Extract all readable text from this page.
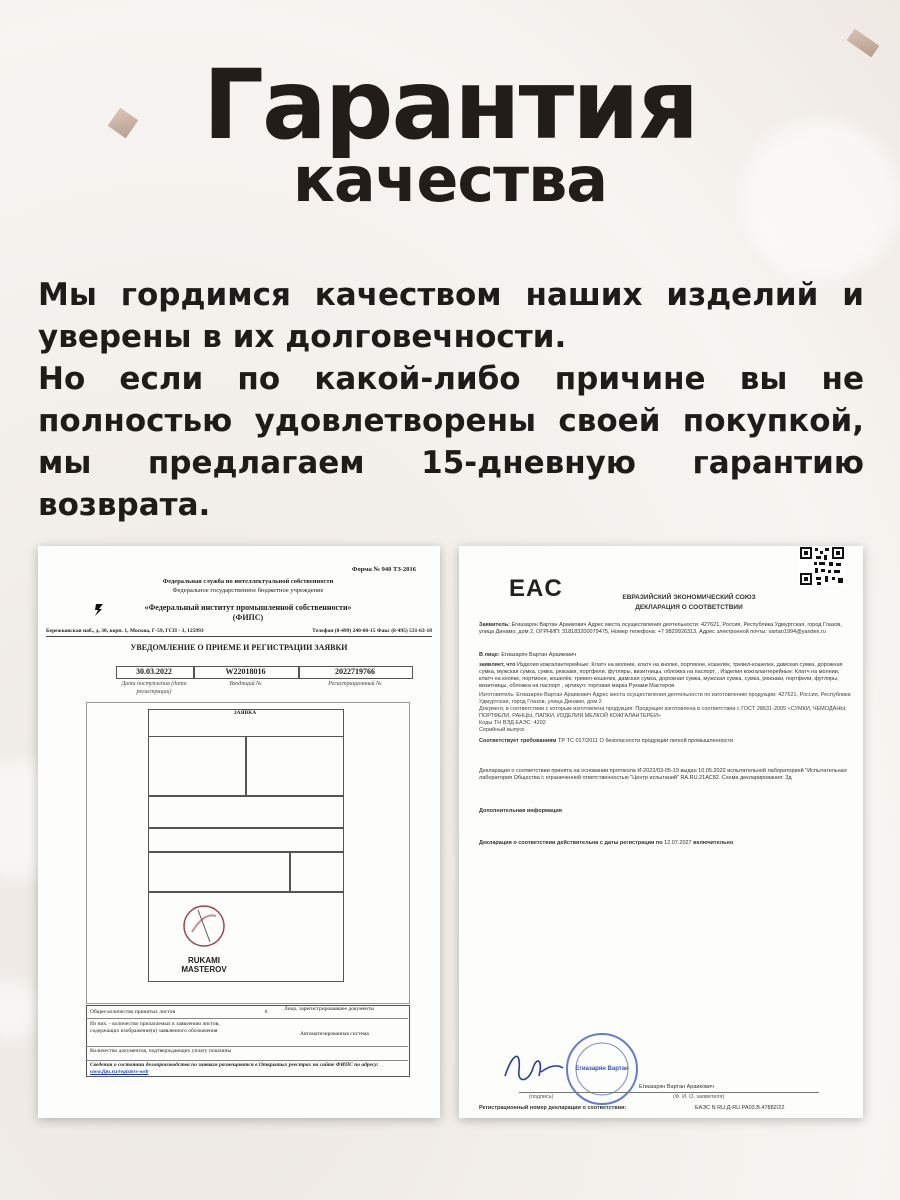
Гарантия
качества
Мы гордимся качеством наших изделий и уверены в их долговечности.
Но если по какой-либо причине вы не полностью удовлетворены своей покупкой, мы предлагаем 15-дневную гарантию возврата.
Форма № 940 ТЗ-2016
Федеральная служба по интеллектуальной собственности
Федеральное государственное бюджетное учреждение
«Федеральный институт промышленной собственности»
(ФИПС)
Бережковская наб., д. 30, корп. 1, Москва, Г-59, ГСП - 3, 125993	Телефон (8-499) 240-60-15 Факс (8-495) 531-63-18
УВЕДОМЛЕНИЕ О ПРИЕМЕ И РЕГИСТРАЦИИ ЗАЯВКИ
30.03.2022	W22018016	2022719766
Дата поступления (дата регистрации)
Входящий №	Регистрационный №
ЗАЯВКА
RUKAMI
MASTEROV
Общее количество принятых листов	6	Лицо, зарегистрировавшее документы
Из них: - количество прилагаемых к заявлению листов, содержащих изображение(я) заявленного обозначения	Автоматизированная система
Количество документов, подтверждающих уплату пошлины
Сведения о состоянии делопроизводства по заявкам размещаются в Открытых реестрах на сайте ФИПС по адресу: www.fips.ru/registers-web
EAC	ЕВРАЗИЙСКИЙ ЭКОНОМИЧЕСКИЙ СОЮЗ
ДЕКЛАРАЦИЯ О СООТВЕТСТВИИ
Заявитель: Егиазарян Вартан Араикович Адрес места осуществления деятельности: 427621, Россия, Республика Удмуртская, город Глазов, улица Динамо, дом 2, ОГРНИП: 318183200079475, Номер телефона: +7 9829926313, Адрес электронной почты: vartan1994@yandex.ru
В лице: Егиазарян Вартан Араикович
заявляет, что Изделия кожгалантерейные: Клатч на молнии, клатч на кнопке, портмоне, кошелёк, тревел-кошелек, дамская сумка, дорожная сумка, мужская сумка, сумка, рюкзаки, портфели, футляры, визитницы, обложка на паспорт, , Изделия кожгалантерейные: Клатч на молнии, клатч на кнопке, портмоне, кошелёк, тревел-кошелек, дамская сумка, дорожная сумка, мужская сумка, сумка, рюкзаки, портфели, футляры, визитницы, обложка на паспорт , артикул: торговая марка Руками Мастеров
Изготовитель: Егиазарян Вартан Араикович Адрес места осуществления деятельности по изготовлению продукции: 427621, Россия, Республика Удмуртская, город Глазов, улица Динамо, дом 2
Документ, в соответствии с которым изготовлена продукция: Продукция изготовлена в соответствии с ГОСТ 28631-2005 «СУМКИ, ЧЕМОДАНЫ, ПОРТФЕЛИ, РАНЦЫ, ПАПКИ, ИЗДЕЛИЯ МЕЛКОЙ КОЖГАЛАНТЕРЕИ»
Коды ТН ВЭД ЕАЭС: 4202
Серийный выпуск
Соответствует требованиям ТР ТС 017/2011 О безопасности продукции легкой промышленности
Декларация о соответствии принята на основании протокола И-2022/03-05-19 выдан 10.05.2022 испытательной лабораторией "Испытательная лаборатория Общества с ограниченной ответственностью "Центр испытаний" RA.RU.21АС82. Схема декларирования: 3д
Дополнительная информация
Декларация о соответствии действительна с даты регистрации по 12.07.2027 включительно
Егиазарян Вартан
Егиазарян Вартан Араикович
(подпись)	(Ф. И. О. заявителя)
Регистрационный номер декларации о соответствии:	ЕАЭС N RU Д-RU.PA03.B.47882/22
